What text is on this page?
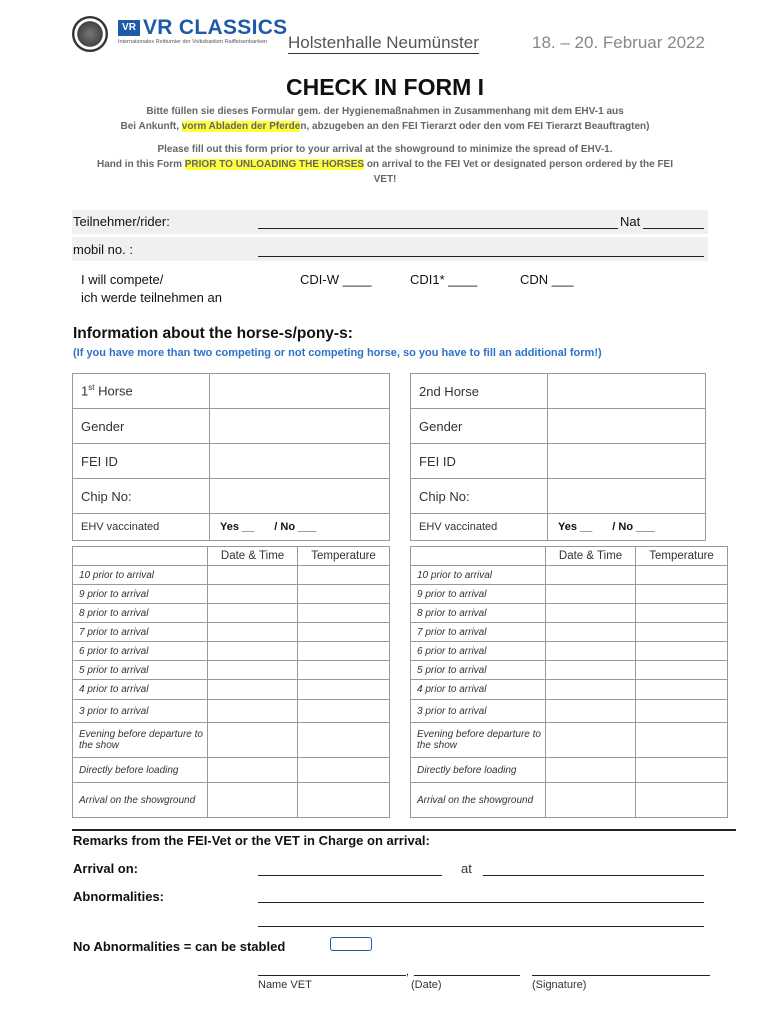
VR VR CLASSICS
Internationales Reitturnier der Volksbanken Raiffeisenbanken Holstenhalle Neumünster	18. – 20. Februar 2022
CHECK IN FORM I
Bitte füllen sie dieses Formular gem. der Hygienemaßnahmen in Zusammenhang mit dem EHV-1 aus
Bei Ankunft, vorm Abladen der Pferden, abzugeben an den FEI Tierarzt oder den vom FEI Tierarzt Beauftragten)
Please fill out this form prior to your arrival at the showground to minimize the spread of EHV-1.
Hand in this Form PRIOR TO UNLOADING THE HORSES on arrival to the FEI Vet or designated person ordered by the FEI
VET!
Teilnehmer/rider:	Nat
mobil no. :
I will compete/
ich werde teilnehmen an
CDI-W ____	CDI1* ____	CDN ___
Information about the horse-s/pony-s:
(If you have more than two competing or not competing horse, so you have to fill an additional form!)
1st Horse	
Gender	
FEI ID	
Chip No:	
EHV vaccinated	Yes __ / No ___
2nd Horse	
Gender	
FEI ID	
Chip No:	
EHV vaccinated	Yes __ / No ___
	Date & Time	Temperature
10 prior to arrival		
9 prior to arrival		
8 prior to arrival		
7 prior to arrival		
6 prior to arrival		
5 prior to arrival		
4 prior to arrival		
3 prior to arrival		
Evening before departure to the show		
Directly before loading		
Arrival on the showground		
	Date & Time	Temperature
10 prior to arrival		
9 prior to arrival		
8 prior to arrival		
7 prior to arrival		
6 prior to arrival		
5 prior to arrival		
4 prior to arrival		
3 prior to arrival		
Evening before departure to the show		
Directly before loading		
Arrival on the showground		
Remarks from the FEI-Vet or the VET in Charge on arrival:
Arrival on:	at
Abnormalities:
No Abnormalities = can be stabled
,
Name VET	(Date)	(Signature)
